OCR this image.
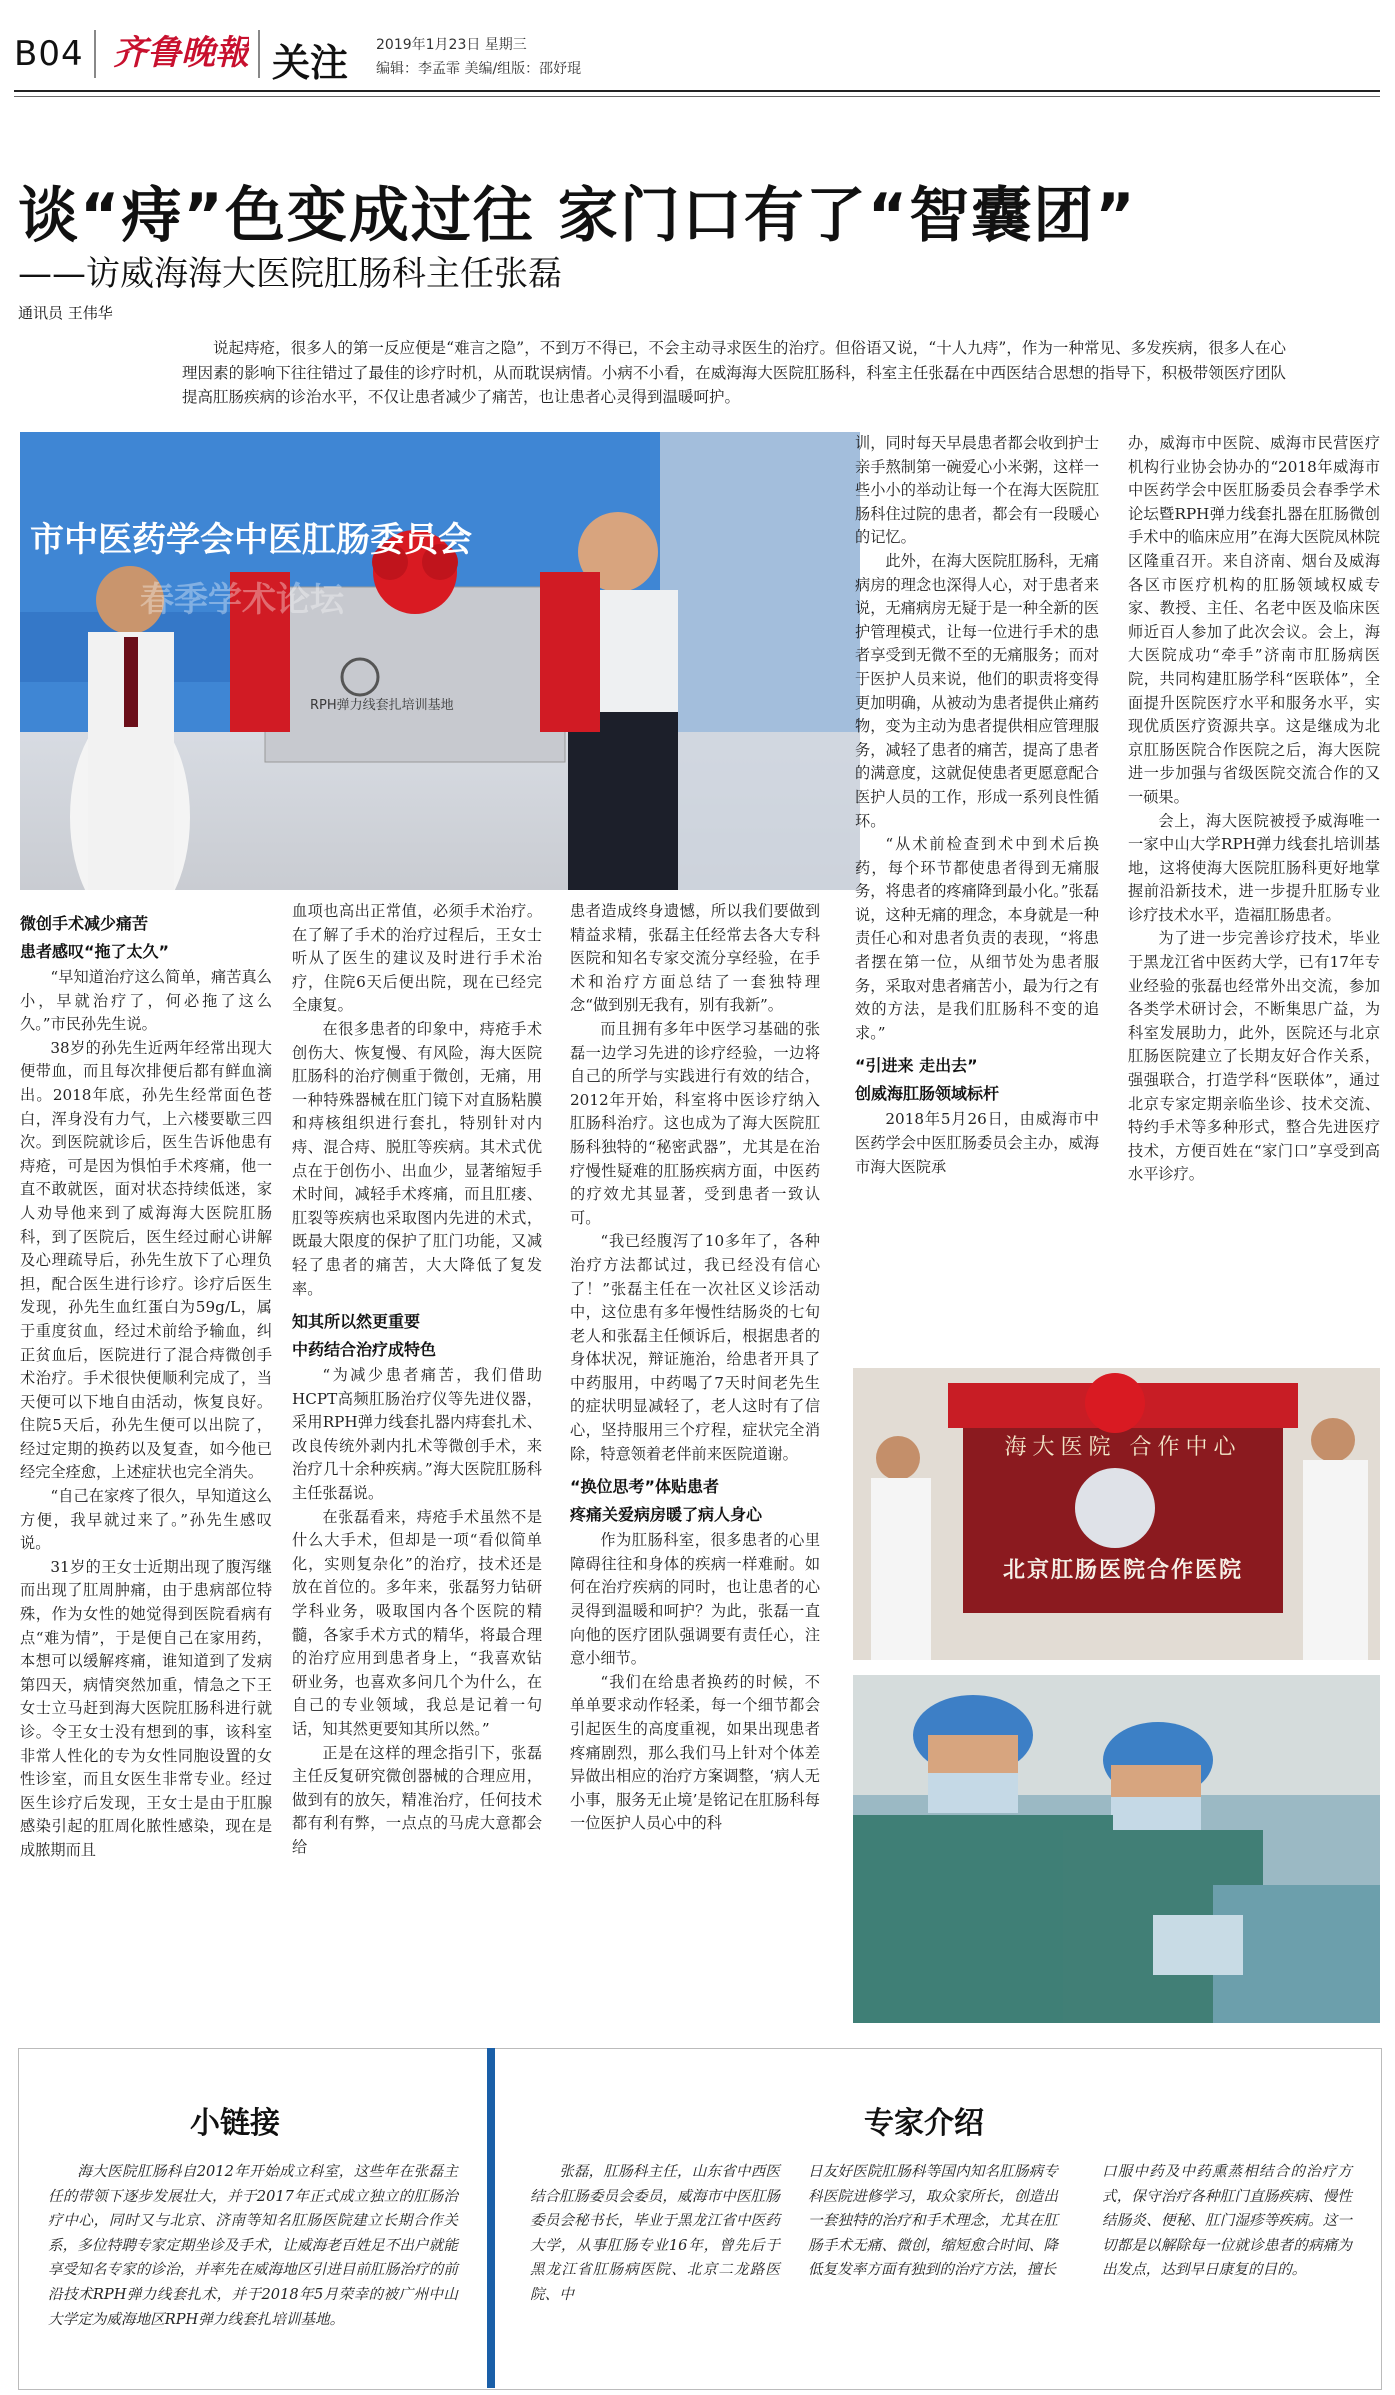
B04 齐鲁晚報 关注 2019年1月23日 星期三
编辑：李孟霏 美编/组版：邵妤琨
谈“痔”色变成过往 家门口有了“智囊团”
——访威海海大医院肛肠科主任张磊
通讯员 王伟华

说起痔疮，很多人的第一反应便是“难言之隐”，不到万不得已，不会主动寻求医生的治疗。但俗语又说，“十人九痔”，作为一种常见、多发疾病，很多人在心理因素的影响下往往错过了最佳的诊疗时机，从而耽误病情。小病不小看，在威海海大医院肛肠科，科室主任张磊在中西医结合思想的指导下，积极带领医疗团队提高肛肠疾病的诊治水平，不仅让患者减少了痛苦，也让患者心灵得到温暖呵护。

市中医药学会中医肛肠委员会
春季学术论坛
RPH弹力线套扎培训基地
微创手术减少痛苦
患者感叹“拖了太久”

“早知道治疗这么简单，痛苦真么小，早就治疗了，何必拖了这么久。”市民孙先生说。

38岁的孙先生近两年经常出现大便带血，而且每次排便后都有鲜血滴出。2018年底，孙先生经常面色苍白，浑身没有力气，上六楼要歇三四次。到医院就诊后，医生告诉他患有痔疮，可是因为惧怕手术疼痛，他一直不敢就医，面对状态持续低迷，家人劝导他来到了威海海大医院肛肠科，到了医院后，医生经过耐心讲解及心理疏导后，孙先生放下了心理负担，配合医生进行诊疗。诊疗后医生发现，孙先生血红蛋白为59g/L，属于重度贫血，经过术前给予输血，纠正贫血后，医院进行了混合痔微创手术治疗。手术很快便顺利完成了，当天便可以下地自由活动，恢复良好。住院5天后，孙先生便可以出院了，经过定期的换药以及复查，如今他已经完全痊愈，上述症状也完全消失。

“自己在家疼了很久，早知道这么方便，我早就过来了。”孙先生感叹说。

31岁的王女士近期出现了腹泻继而出现了肛周肿痛，由于患病部位特殊，作为女性的她觉得到医院看病有点“难为情”，于是便自己在家用药，本想可以缓解疼痛，谁知道到了发病第四天，病情突然加重，情急之下王女士立马赶到海大医院肛肠科进行就诊。令王女士没有想到的事，该科室非常人性化的专为女性同胞设置的女性诊室，而且女医生非常专业。经过医生诊疗后发现，王女士是由于肛腺感染引起的肛周化脓性感染，现在是成脓期而且

血项也高出正常值，必须手术治疗。在了解了手术的治疗过程后，王女士听从了医生的建议及时进行手术治疗，住院6天后便出院，现在已经完全康复。

在很多患者的印象中，痔疮手术创伤大、恢复慢、有风险，海大医院肛肠科的治疗侧重于微创，无痛，用一种特殊器械在肛门镜下对直肠粘膜和痔核组织进行套扎，特别针对内痔、混合痔、脱肛等疾病。其术式优点在于创伤小、出血少，显著缩短手术时间，减轻手术疼痛，而且肛瘘、肛裂等疾病也采取图内先进的术式，既最大限度的保护了肛门功能，又减轻了患者的痛苦，大大降低了复发率。

知其所以然更重要
中药结合治疗成特色

“为减少患者痛苦，我们借助HCPT高频肛肠治疗仪等先进仪器，采用RPH弹力线套扎器内痔套扎术、改良传统外剥内扎术等微创手术，来治疗几十余种疾病。”海大医院肛肠科主任张磊说。

在张磊看来，痔疮手术虽然不是什么大手术，但却是一项“看似简单化，实则复杂化”的治疗，技术还是放在首位的。多年来，张磊努力钻研学科业务，吸取国内各个医院的精髓，各家手术方式的精华，将最合理的治疗应用到患者身上，“我喜欢钻研业务，也喜欢多问几个为什么，在自己的专业领域，我总是记着一句话，知其然更要知其所以然。”

正是在这样的理念指引下，张磊主任反复研究微创器械的合理应用，做到有的放矢，精准治疗，任何技术都有利有弊，一点点的马虎大意都会给

患者造成终身遗憾，所以我们要做到精益求精，张磊主任经常去各大专科医院和知名专家交流分享经验，在手术和治疗方面总结了一套独特理念“做到别无我有，别有我新”。

而且拥有多年中医学习基础的张磊一边学习先进的诊疗经验，一边将自己的所学与实践进行有效的结合，2012年开始，科室将中医诊疗纳入肛肠科治疗。这也成为了海大医院肛肠科独特的“秘密武器”，尤其是在治疗慢性疑难的肛肠疾病方面，中医药的疗效尤其显著，受到患者一致认可。

“我已经腹泻了10多年了，各种治疗方法都试过，我已经没有信心了！”张磊主任在一次社区义诊活动中，这位患有多年慢性结肠炎的七旬老人和张磊主任倾诉后，根据患者的身体状况，辩证施治，给患者开具了中药服用，中药喝了7天时间老先生的症状明显减轻了，老人这时有了信心，坚持服用三个疗程，症状完全消除，特意领着老伴前来医院道谢。

“换位思考”体贴患者
疼痛关爱病房暖了病人身心

作为肛肠科室，很多患者的心里障碍往往和身体的疾病一样难耐。如何在治疗疾病的同时，也让患者的心灵得到温暖和呵护？为此，张磊一直向他的医疗团队强调要有责任心，注意小细节。

“我们在给患者换药的时候，不单单要求动作轻柔，每一个细节都会引起医生的高度重视，如果出现患者疼痛剧烈，那么我们马上针对个体差异做出相应的治疗方案调整，‘病人无小事，服务无止境’是铭记在肛肠科每一位医护人员心中的科

训，同时每天早晨患者都会收到护士亲手熬制第一碗爱心小米粥，这样一些小小的举动让每一个在海大医院肛肠科住过院的患者，都会有一段暖心的记忆。

此外，在海大医院肛肠科，无痛病房的理念也深得人心，对于患者来说，无痛病房无疑于是一种全新的医护管理模式，让每一位进行手术的患者享受到无微不至的无痛服务；而对于医护人员来说，他们的职责将变得更加明确，从被动为患者提供止痛药物，变为主动为患者提供相应管理服务，减轻了患者的痛苦，提高了患者的满意度，这就促使患者更愿意配合医护人员的工作，形成一系列良性循环。

“从术前检查到术中到术后换药，每个环节都使患者得到无痛服务，将患者的疼痛降到最小化。”张磊说，这种无痛的理念，本身就是一种责任心和对患者负责的表现，“将患者摆在第一位，从细节处为患者服务，采取对患者痛苦小，最为行之有效的方法，是我们肛肠科不变的追求。”

“引进来 走出去”
创威海肛肠领域标杆

2018年5月26日，由威海市中医药学会中医肛肠委员会主办，威海市海大医院承

办，威海市中医院、威海市民营医疗机构行业协会协办的“2018年威海市中医药学会中医肛肠委员会春季学术论坛暨RPH弹力线套扎器在肛肠微创手术中的临床应用”在海大医院凤林院区隆重召开。来自济南、烟台及威海各区市医疗机构的肛肠领域权威专家、教授、主任、名老中医及临床医师近百人参加了此次会议。会上，海大医院成功“牵手”济南市肛肠病医院，共同构建肛肠学科“医联体”，全面提升医院医疗水平和服务水平，实现优质医疗资源共享。这是继成为北京肛肠医院合作医院之后，海大医院进一步加强与省级医院交流合作的又一硕果。

会上，海大医院被授予威海唯一一家中山大学RPH弹力线套扎培训基地，这将使海大医院肛肠科更好地掌握前沿新技术，进一步提升肛肠专业诊疗技术水平，造福肛肠患者。

为了进一步完善诊疗技术，毕业于黑龙江省中医药大学，已有17年专业经验的张磊也经常外出交流，参加各类学术研讨会，不断集思广益，为科室发展助力，此外，医院还与北京肛肠医院建立了长期友好合作关系，强强联合，打造学科“医联体”，通过北京专家定期亲临坐诊、技术交流、特约手术等多种形式，整合先进医疗技术，方便百姓在“家门口”享受到高水平诊疗。

北京肛肠医院合作医院
海大医院 合作中心
小链接

海大医院肛肠科自2012年开始成立科室，这些年在张磊主任的带领下逐步发展壮大，并于2017年正式成立独立的肛肠治疗中心，同时又与北京、济南等知名肛肠医院建立长期合作关系，多位特聘专家定期坐诊及手术，让威海老百姓足不出户就能享受知名专家的诊治，并率先在威海地区引进目前肛肠治疗的前沿技术RPH弹力线套扎术，并于2018年5月荣幸的被广州中山大学定为威海地区RPH弹力线套扎培训基地。

专家介绍

张磊，肛肠科主任，山东省中西医结合肛肠委员会委员，威海市中医肛肠委员会秘书长，毕业于黑龙江省中医药大学，从事肛肠专业16年，曾先后于黑龙江省肛肠病医院、北京二龙路医院、中

日友好医院肛肠科等国内知名肛肠病专科医院进修学习，取众家所长，创造出一套独特的治疗和手术理念，尤其在肛肠手术无痛、微创，缩短愈合时间、降低复发率方面有独到的治疗方法，擅长

口服中药及中药熏蒸相结合的治疗方式，保守治疗各种肛门直肠疾病、慢性结肠炎、便秘、肛门湿疹等疾病。这一切都是以解除每一位就诊患者的病痛为出发点，达到早日康复的目的。
